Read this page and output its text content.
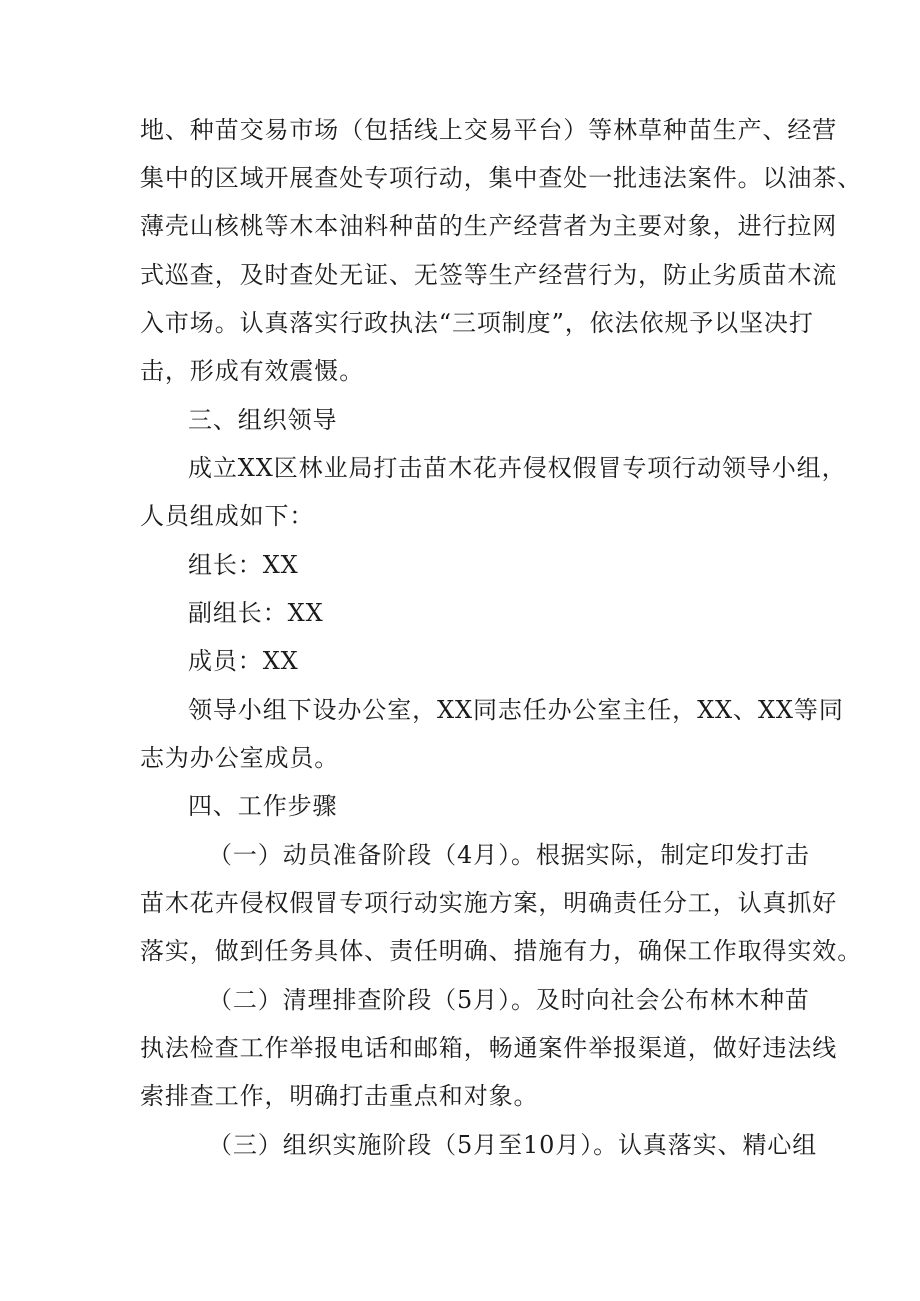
地、种苗交易市场（包括线上交易平台）等林草种苗生产、经营
集中的区域开展查处专项行动，集中查处一批违法案件。以油茶、
薄壳山核桃等木本油料种苗的生产经营者为主要对象，进行拉网
式巡查，及时查处无证、无签等生产经营行为，防止劣质苗木流
入市场。认真落实行政执法“三项制度”，依法依规予以坚决打
击，形成有效震慑。
三、组织领导
成立XX区林业局打击苗木花卉侵权假冒专项行动领导小组，
人员组成如下：
组长：XX
副组长：XX
成员：XX
领导小组下设办公室，XX同志任办公室主任，XX、XX等同
志为办公室成员。
四、工作步骤
（一）动员准备阶段（4月）。根据实际，制定印发打击
苗木花卉侵权假冒专项行动实施方案，明确责任分工，认真抓好
落实，做到任务具体、责任明确、措施有力，确保工作取得实效。
（二）清理排查阶段（5月）。及时向社会公布林木种苗
执法检查工作举报电话和邮箱，畅通案件举报渠道，做好违法线
索排查工作，明确打击重点和对象。
（三）组织实施阶段（5月至10月）。认真落实、精心组
